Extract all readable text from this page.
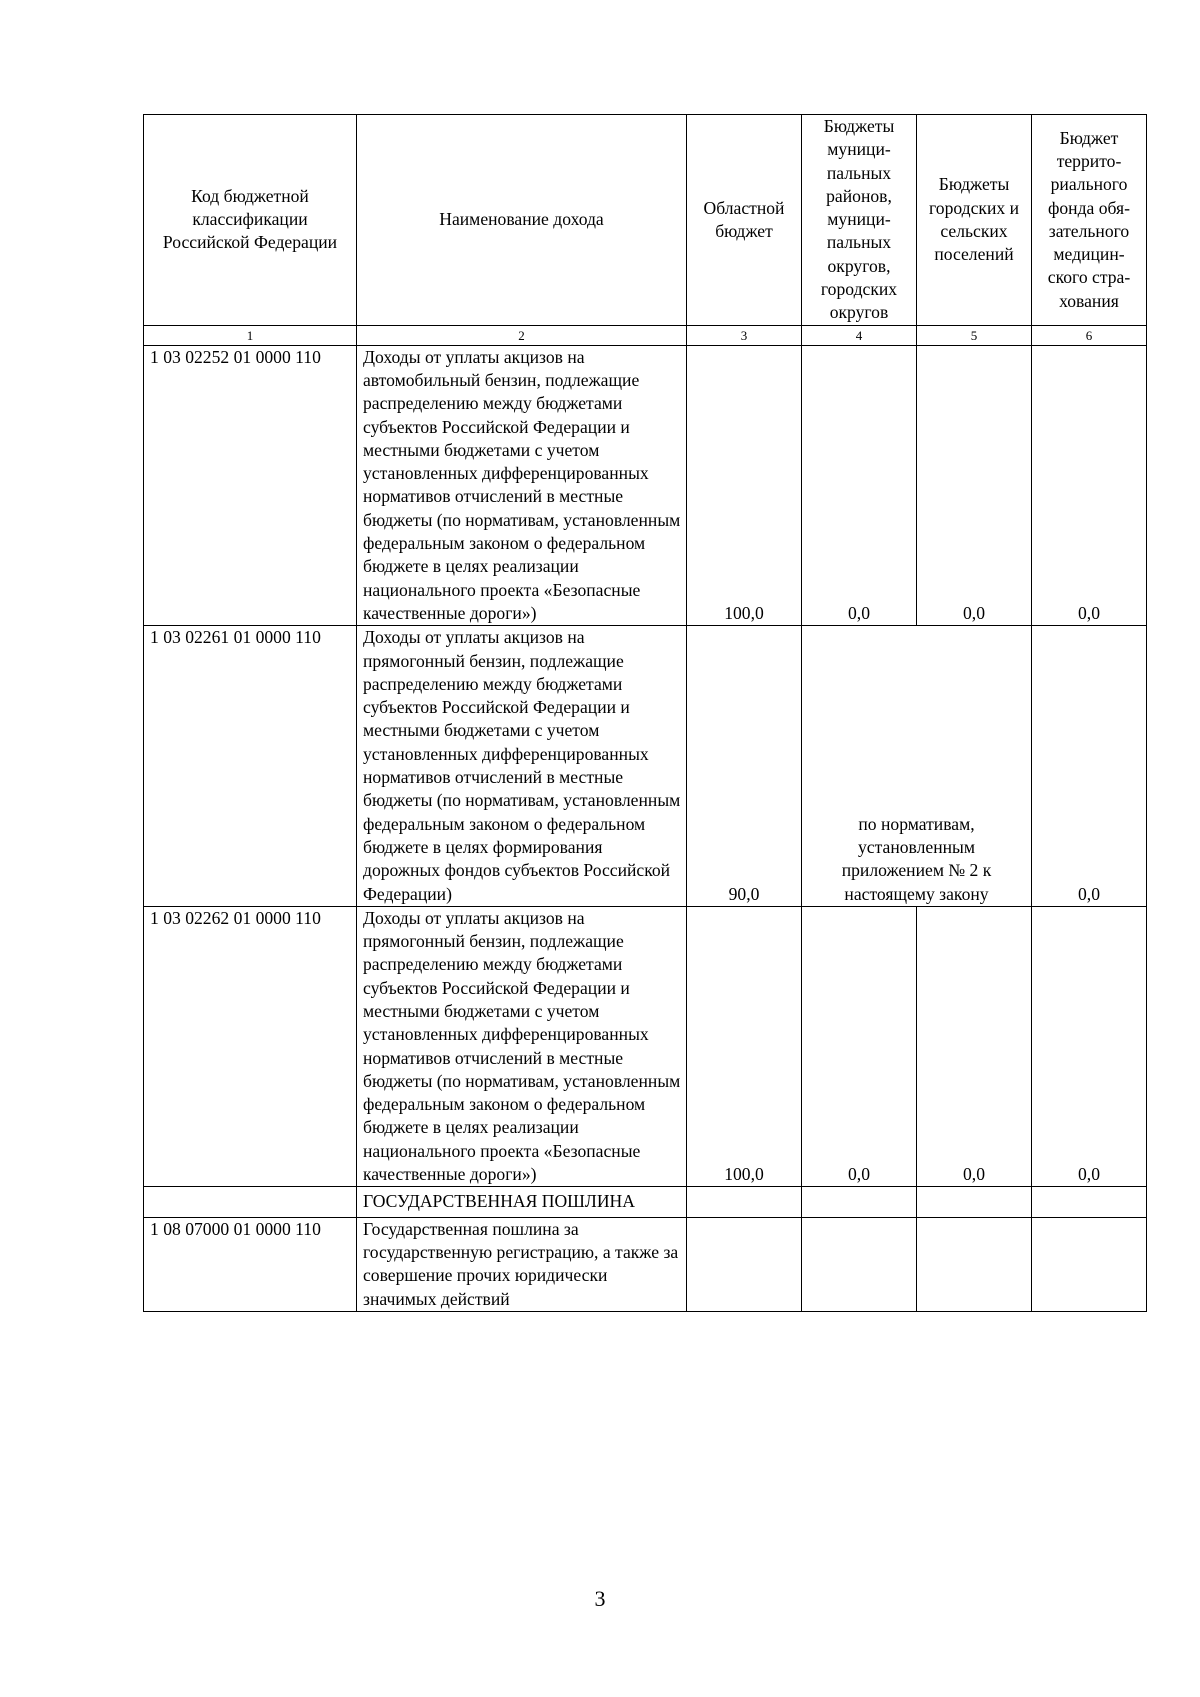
Код бюджетной классификации Российской Федерации	Наименование дохода	Областной бюджет	Бюджеты муници-пальных районов, муници-пальных округов, городских округов	Бюджеты городских и сельских поселений	Бюджет террито-риального фонда обя-зательного медицин-ского стра-хования
1	2	3	4	5	6
1 03 02252 01 0000 110	Доходы от уплаты акцизов на автомобильный бензин, подлежащие распределению между бюджетами субъектов Российской Федерации и местными бюджетами с учетом установленных дифференцированных нормативов отчислений в местные бюджеты (по нормативам, установленным федеральным законом о федеральном бюджете в целях реализации национального проекта «Безопасные качественные дороги»)	100,0	0,0	0,0	0,0
1 03 02261 01 0000 110	Доходы от уплаты акцизов на прямогонный бензин, подлежащие распределению между бюджетами субъектов Российской Федерации и местными бюджетами с учетом установленных дифференцированных нормативов отчислений в местные бюджеты (по нормативам, установленным федеральным законом о федеральном бюджете в целях формирования дорожных фондов субъектов Российской Федерации)	90,0	по нормативам, установленным приложением № 2 к настоящему закону		0,0
1 03 02262 01 0000 110	Доходы от уплаты акцизов на прямогонный бензин, подлежащие распределению между бюджетами субъектов Российской Федерации и местными бюджетами с учетом установленных дифференцированных нормативов отчислений в местные бюджеты (по нормативам, установленным федеральным законом о федеральном бюджете в целях реализации национального проекта «Безопасные качественные дороги»)	100,0	0,0	0,0	0,0
	ГОСУДАРСТВЕННАЯ ПОШЛИНА				
1 08 07000 01 0000 110	Государственная пошлина за государственную регистрацию, а также за совершение прочих юридически значимых действий				
3
